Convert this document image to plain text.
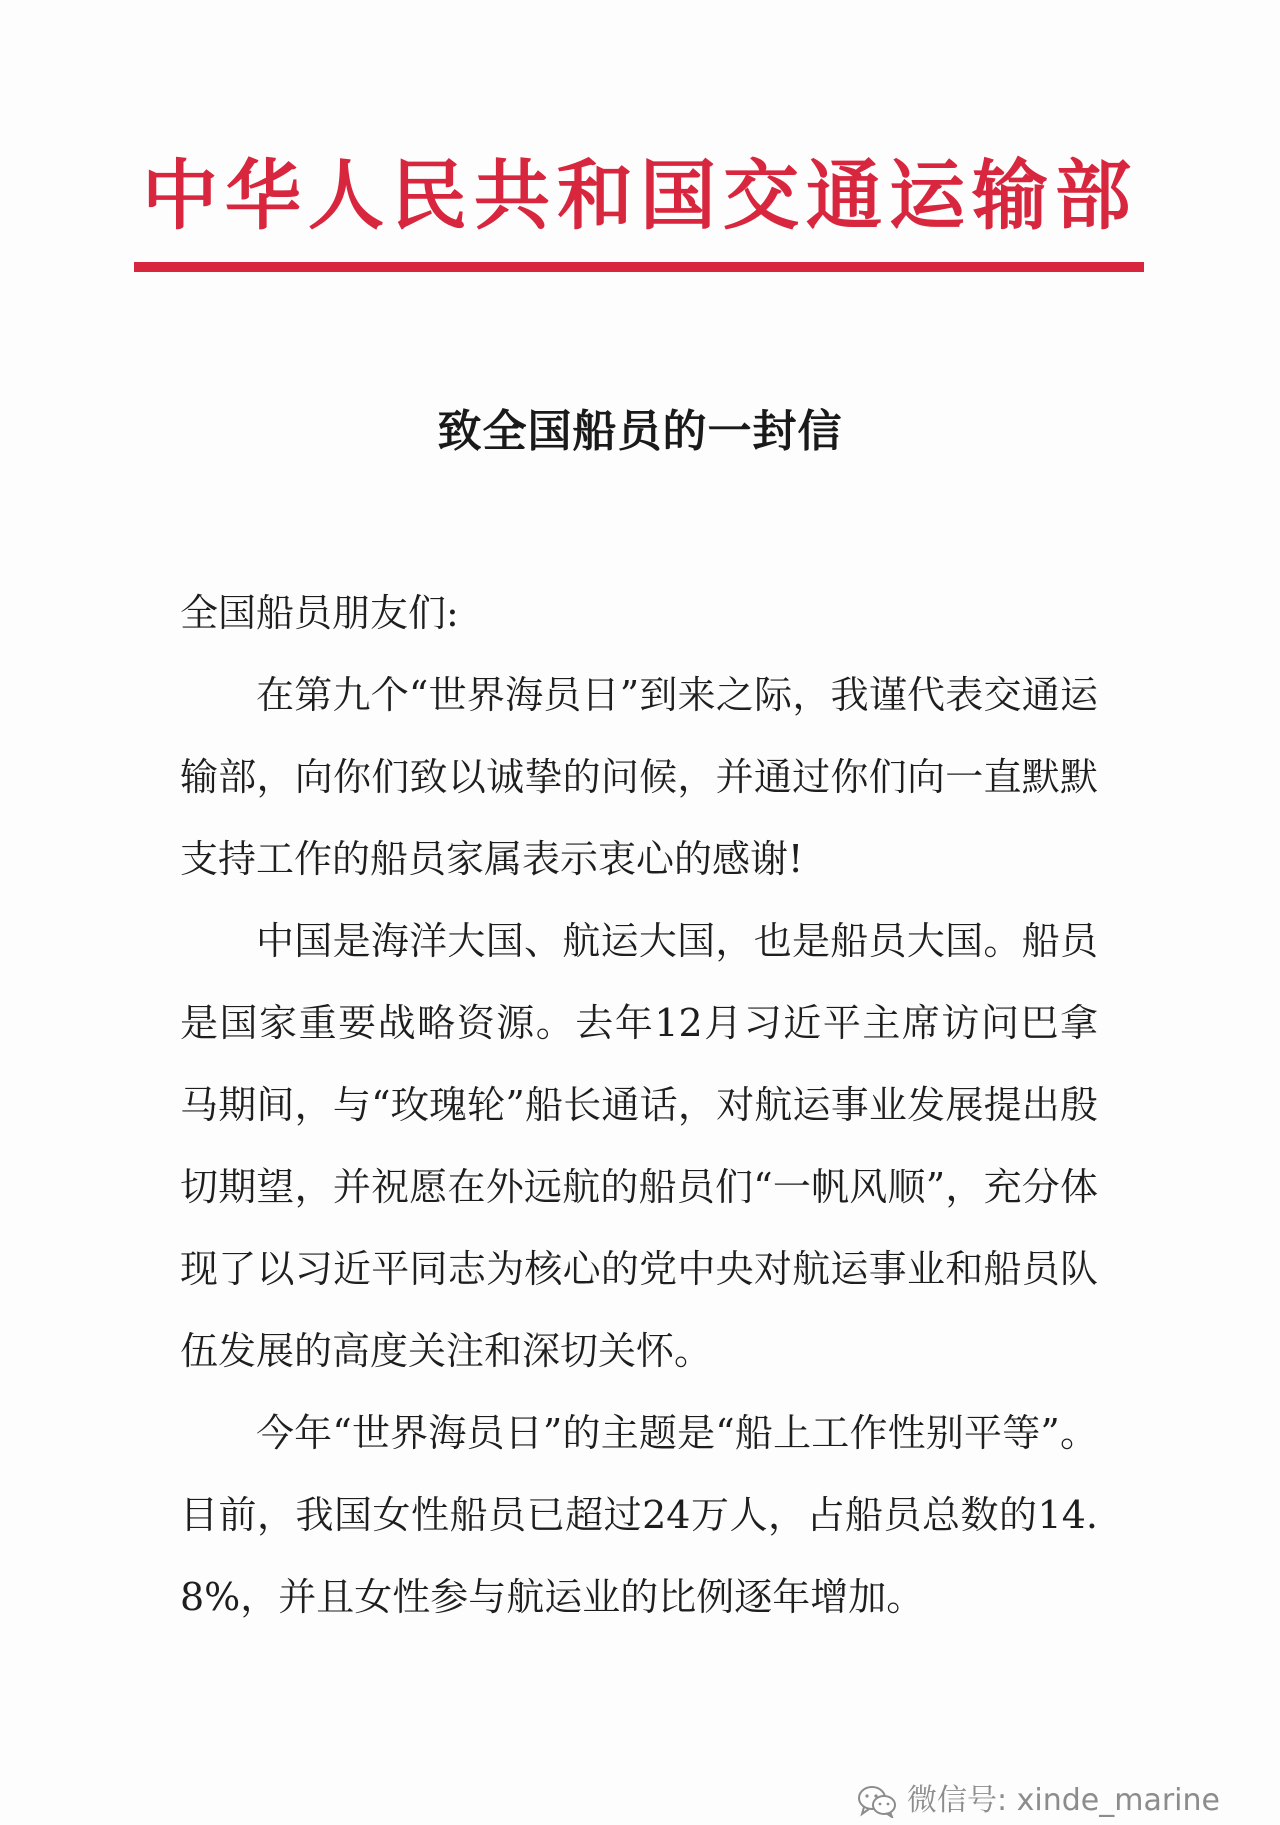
中华人民共和国交通运输部
致全国船员的一封信

全国船员朋友们:

在第九个“世界海员日”到来之际，我谨代表交通运输部，向你们致以诚挚的问候，并通过你们向一直默默支持工作的船员家属表示衷心的感谢!

中国是海洋大国、航运大国，也是船员大国。船员是国家重要战略资源。去年12月习近平主席访问巴拿马期间，与“玫瑰轮”船长通话，对航运事业发展提出殷切期望，并祝愿在外远航的船员们“一帆风顺”，充分体现了以习近平同志为核心的党中央对航运事业和船员队伍发展的高度关注和深切关怀。

今年“世界海员日”的主题是“船上工作性别平等”。目前，我国女性船员已超过24万人，占船员总数的14.8%，并且女性参与航运业的比例逐年增加。

微信号: xinde_marine
